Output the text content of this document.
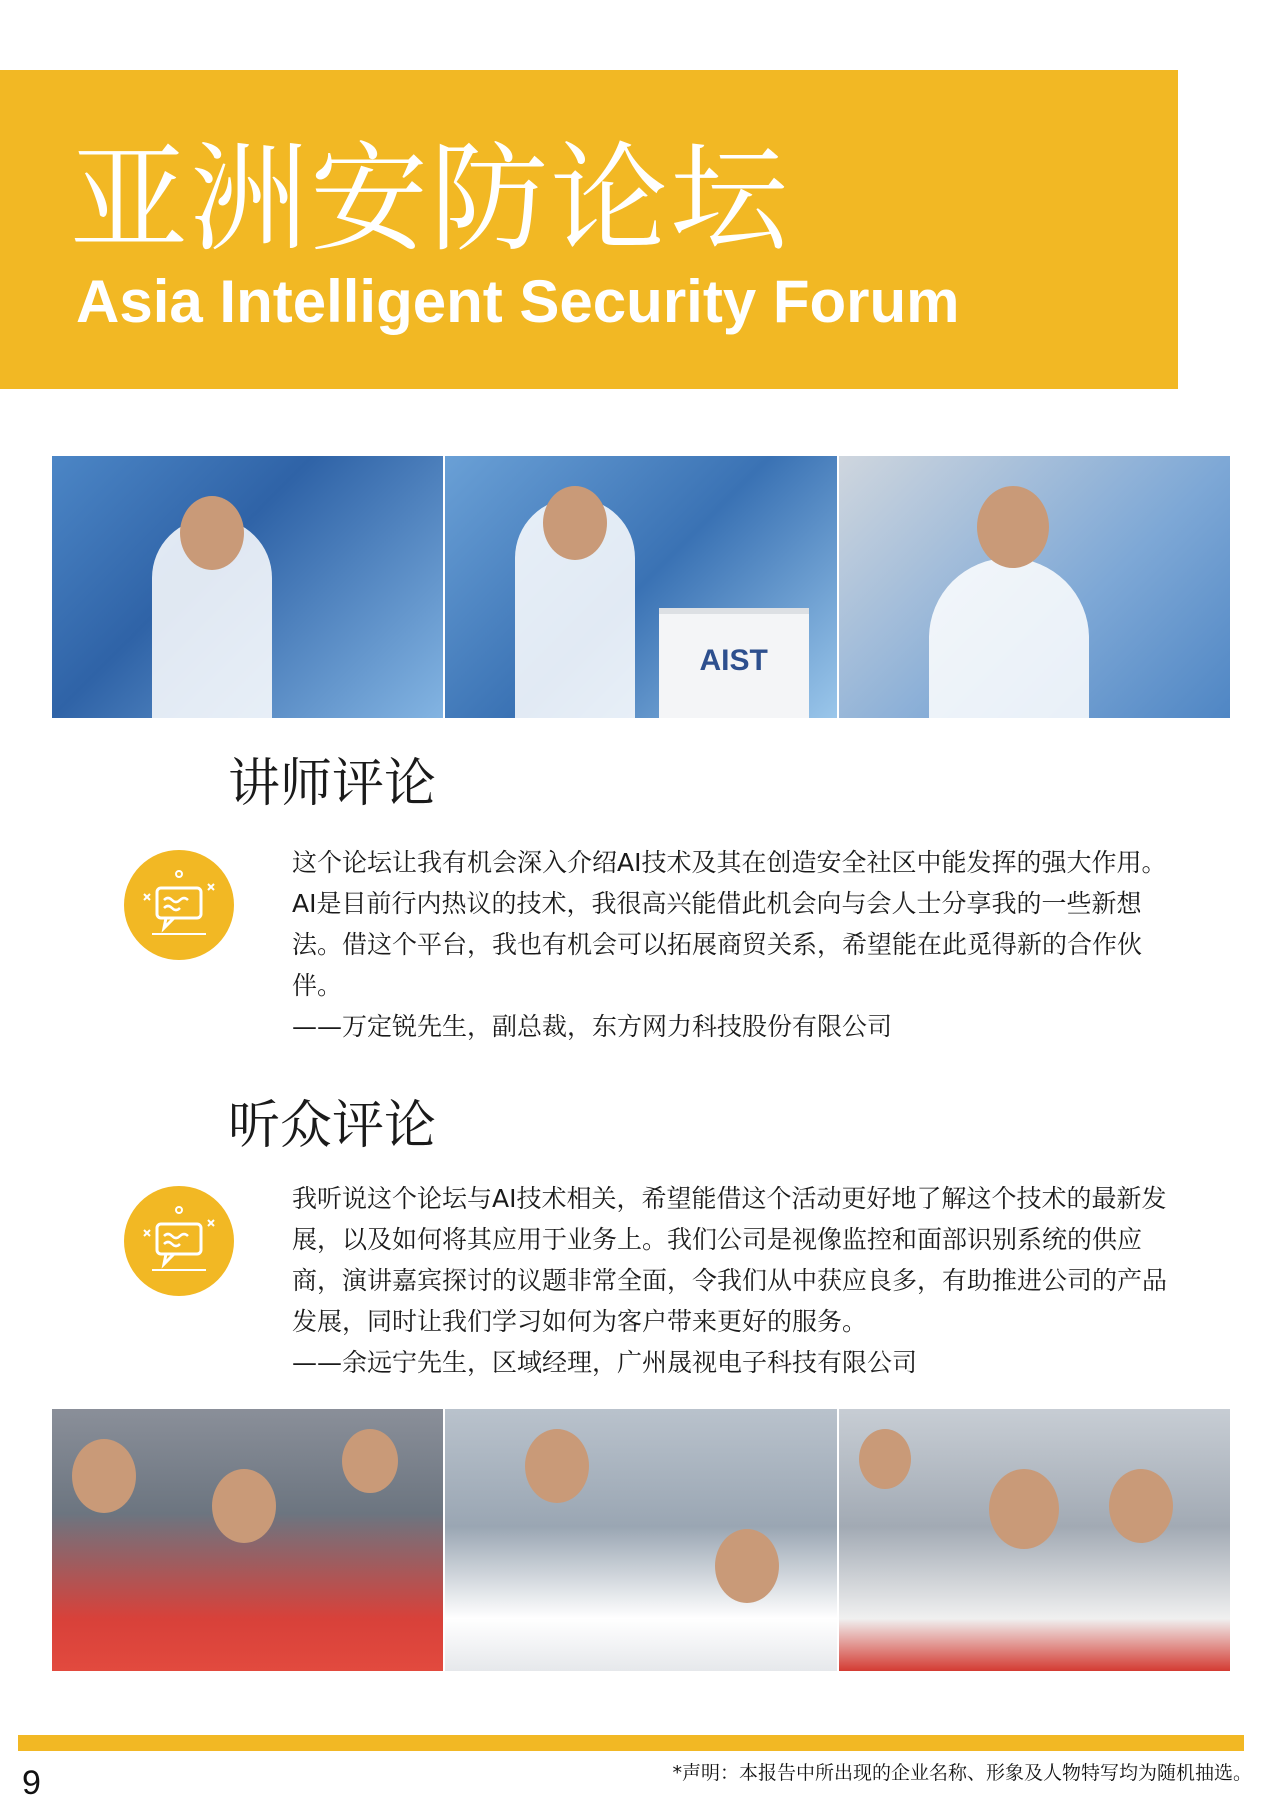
亚洲安防论坛
Asia Intelligent Security Forum
AIST
讲师评论

这个论坛让我有机会深入介绍AI技术及其在创造安全社区中能发挥的强大作用。AI是目前行内热议的技术，我很高兴能借此机会向与会人士分享我的一些新想法。借这个平台，我也有机会可以拓展商贸关系，希望能在此觅得新的合作伙伴。

——万定锐先生，副总裁，东方网力科技股份有限公司

听众评论

我听说这个论坛与AI技术相关，希望能借这个活动更好地了解这个技术的最新发展，以及如何将其应用于业务上。我们公司是视像监控和面部识别系统的供应商，演讲嘉宾探讨的议题非常全面，令我们从中获应良多，有助推进公司的产品发展，同时让我们学习如何为客户带来更好的服务。

——余远宁先生，区域经理，广州晟视电子科技有限公司

9	*声明：本报告中所出现的企业名称、形象及人物特写均为随机抽选。
